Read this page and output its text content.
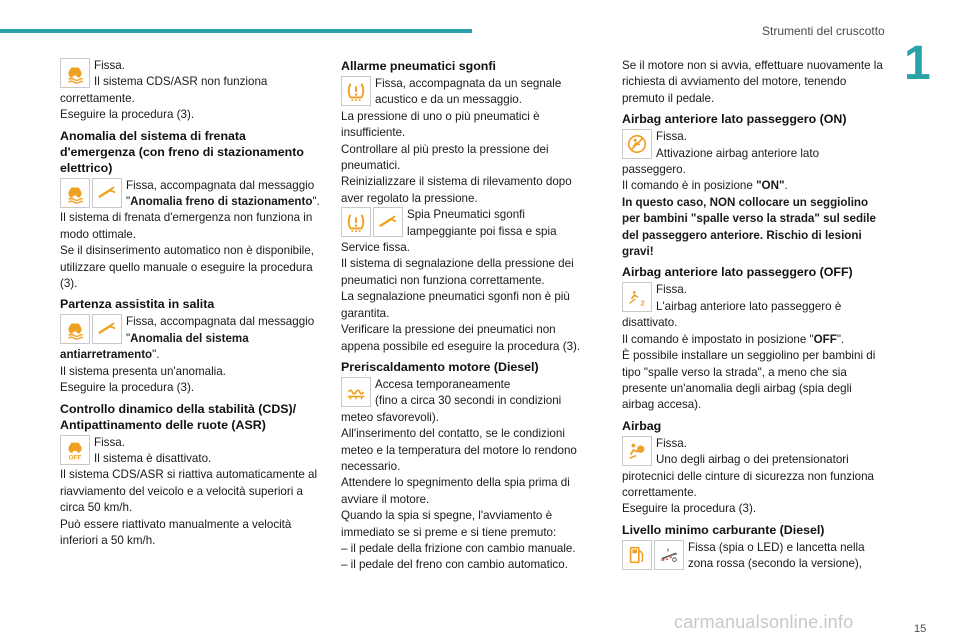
Strumenti del cruscotto
1

Fissa.

Il sistema CDS/ASR non funziona correttamente.

Eseguire la procedura (3).

Anomalia del sistema di frenata d'emergenza (con freno di stazionamento elettrico)

Fissa, accompagnata dal messaggio "Anomalia freno di stazionamento".

Il sistema di frenata d'emergenza non funziona in modo ottimale.

Se il disinserimento automatico non è disponibile, utilizzare quello manuale o eseguire la procedura (3).

Partenza assistita in salita

Fissa, accompagnata dal messaggio "Anomalia del sistema antiarretramento".

Il sistema presenta un'anomalia.

Eseguire la procedura (3).

Controllo dinamico della stabilità (CDS)/ Antipattinamento delle ruote (ASR)
OFF

Fissa.

Il sistema è disattivato.

Il sistema CDS/ASR si riattiva automaticamente al riavviamento del veicolo e a velocità superiori a circa 50 km/h.

Può essere riattivato manualmente a velocità inferiori a 50 km/h.

Allarme pneumatici sgonfi

Fissa, accompagnata da un segnale acustico e da un messaggio.

La pressione di uno o più pneumatici è insufficiente.

Controllare al più presto la pressione dei pneumatici.

Reinizializzare il sistema di rilevamento dopo aver regolato la pressione.

Spia Pneumatici sgonfi lampeggiante poi fissa e spia Service fissa.

Il sistema di segnalazione della pressione dei pneumatici non funziona correttamente.

La segnalazione pneumatici sgonfi non è più garantita.

Verificare la pressione dei pneumatici non appena possibile ed eseguire la procedura (3).

Preriscaldamento motore (Diesel)

Accesa temporaneamente

(fino a circa 30 secondi in condizioni meteo sfavorevoli).

All'inserimento del contatto, se le condizioni meteo e la temperatura del motore lo rendono necessario.

Attendere lo spegnimento della spia prima di avviare il motore.

Quando la spia si spegne, l'avviamento è immediato se si preme e si tiene premuto:

– il pedale della frizione con cambio manuale.

– il pedale del freno con cambio automatico.

Se il motore non si avvia, effettuare nuovamente la richiesta di avviamento del motore, tenendo premuto il pedale.

Airbag anteriore lato passeggero (ON)

Fissa.

Attivazione airbag anteriore lato passeggero.

Il comando è in posizione "ON".

In questo caso, NON collocare un seggiolino per bambini "spalle verso la strada" sul sedile del passeggero anteriore. Rischio di lesioni gravi!

Airbag anteriore lato passeggero (OFF)
2

Fissa.

L'airbag anteriore lato passeggero è disattivato.

Il comando è impostato in posizione "OFF".

È possibile installare un seggiolino per bambini di tipo "spalle verso la strada", a meno che sia presente un'anomalia degli airbag (spia degli airbag accesa).

Airbag

Fissa.

Uno degli airbag o dei pretensionatori pirotecnici delle cinture di sicurezza non funziona correttamente.

Eseguire la procedura (3).

Livello minimo carburante (Diesel)

Fissa (spia o LED) e lancetta nella zona rossa (secondo la versione),

carmanualsonline.info	15
